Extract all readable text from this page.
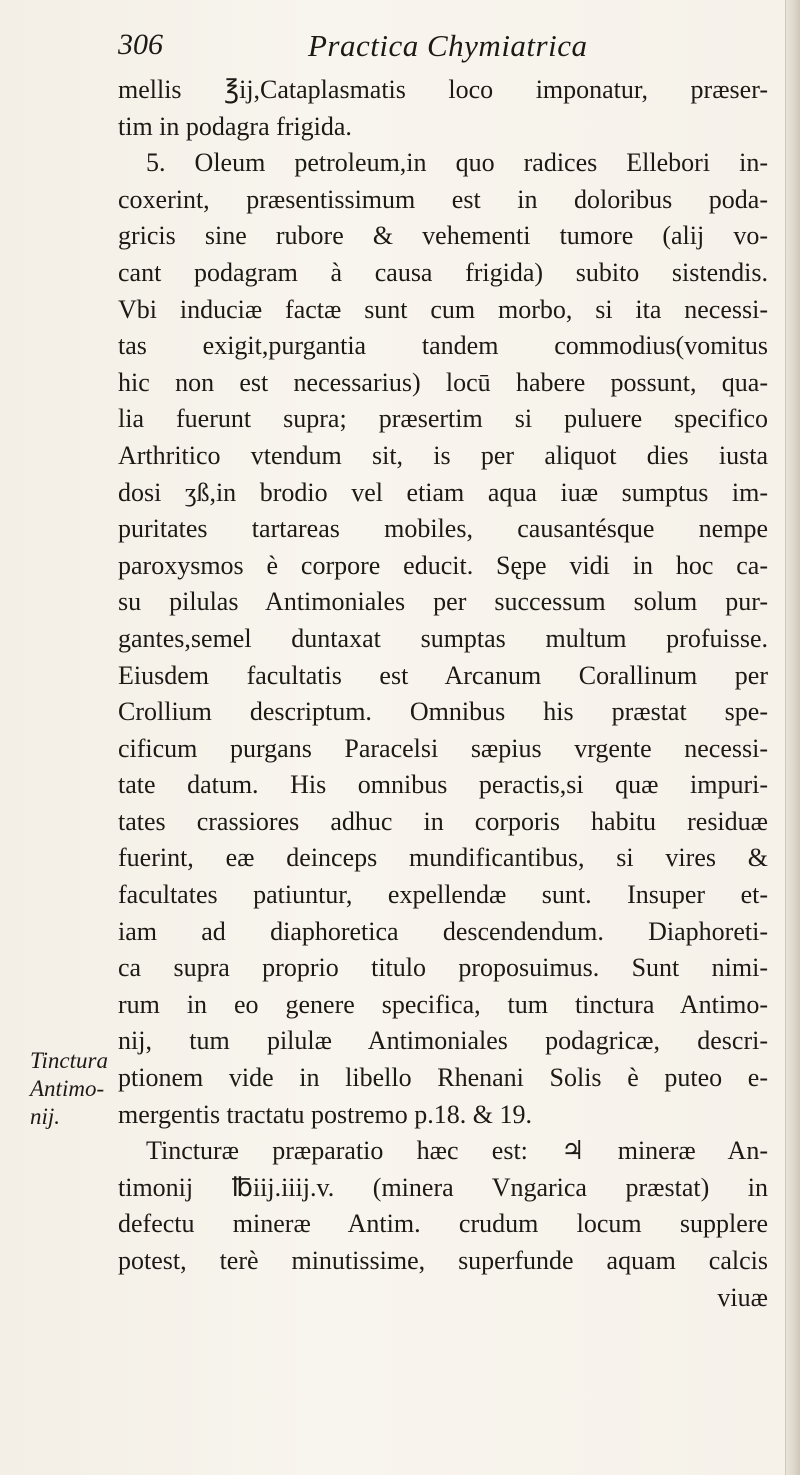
306	Practica Chymiatrica
mellis ℥ij,Cataplasmatis loco imponatur, præser-
tim in podagra frigida.
5. Oleum petroleum,in quo radices Ellebori in-
coxerint, præsentissimum est in doloribus poda-
gricis sine rubore & vehementi tumore (alij vo-
cant podagram à causa frigida) subito sistendis.
Vbi induciæ factæ sunt cum morbo, si ita necessi-
tas exigit,purgantia tandem commodius(vomitus
hic non est necessarius) locū habere possunt, qua-
lia fuerunt supra; præsertim si puluere specifico
Arthritico vtendum sit, is per aliquot dies iusta
dosi ʒß,in brodio vel etiam aqua iuæ sumptus im-
puritates tartareas mobiles, causantésque nempe
paroxysmos è corpore educit. Sępe vidi in hoc ca-
su pilulas Antimoniales per successum solum pur-
gantes,semel duntaxat sumptas multum profuisse.
Eiusdem facultatis est Arcanum Corallinum per
Crollium descriptum. Omnibus his præstat spe-
cificum purgans Paracelsi sæpius vrgente necessi-
tate datum. His omnibus peractis,si quæ impuri-
tates crassiores adhuc in corporis habitu residuæ
fuerint, eæ deinceps mundificantibus, si vires &
facultates patiuntur, expellendæ sunt. Insuper et-
iam ad diaphoretica descendendum. Diaphoreti-
ca supra proprio titulo proposuimus. Sunt nimi-
rum in eo genere specifica, tum tinctura Antimo-
nij, tum pilulæ Antimoniales podagricæ, descri-
ptionem vide in libello Rhenani Solis è puteo e-
mergentis tractatu postremo p.18. & 19.
Tincturæ præparatio hæc est: ♃ mineræ An-
timonij ℔iij.iiij.v. (minera Vngarica præstat) in
defectu mineræ Antim. crudum locum supplere
potest, terè minutissime, superfunde aquam calcis
viuæ
Tinctura
Antimo-
nij.
